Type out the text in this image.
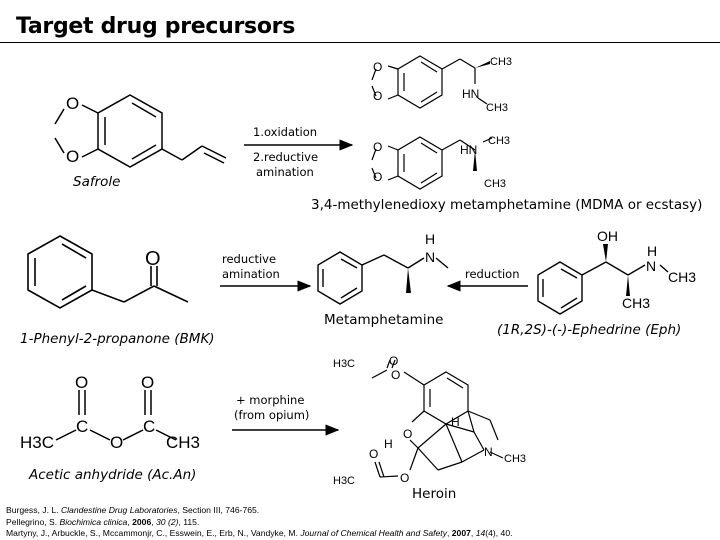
Target drug precursors
1.oxidation
2.reductive
amination
Safrole
3,4-methylenedioxy metamphetamine (MDMA or ecstasy)
reductive
amination	reduction
Metamphetamine
1-Phenyl-2-propanone (BMK)
(1R,2S)-(-)-Ephedrine (Eph)
+ morphine
(from opium)
Acetic anhydride (Ac.An)
Heroin
O
O
O
O
CH3
HN
CH3
O
O
HN
CH3
CH3
O
H
N
OH
H
N
CH3
CH3
O	O
C	C
O
H3C	CH3
H3C	O
O
O
H
H
N CH3
O
O
H3C
Burgess, J. L. Clandestine Drug Laboratories, Section III, 746-765.
Pellegrino, S. Biochimica clinica, 2006, 30 (2), 115.
Martyny, J., Arbuckle, S., Mccammonjr, C., Esswein, E., Erb, N., Vandyke, M. Journal of Chemical Health and Safety, 2007, 14(4), 40.
